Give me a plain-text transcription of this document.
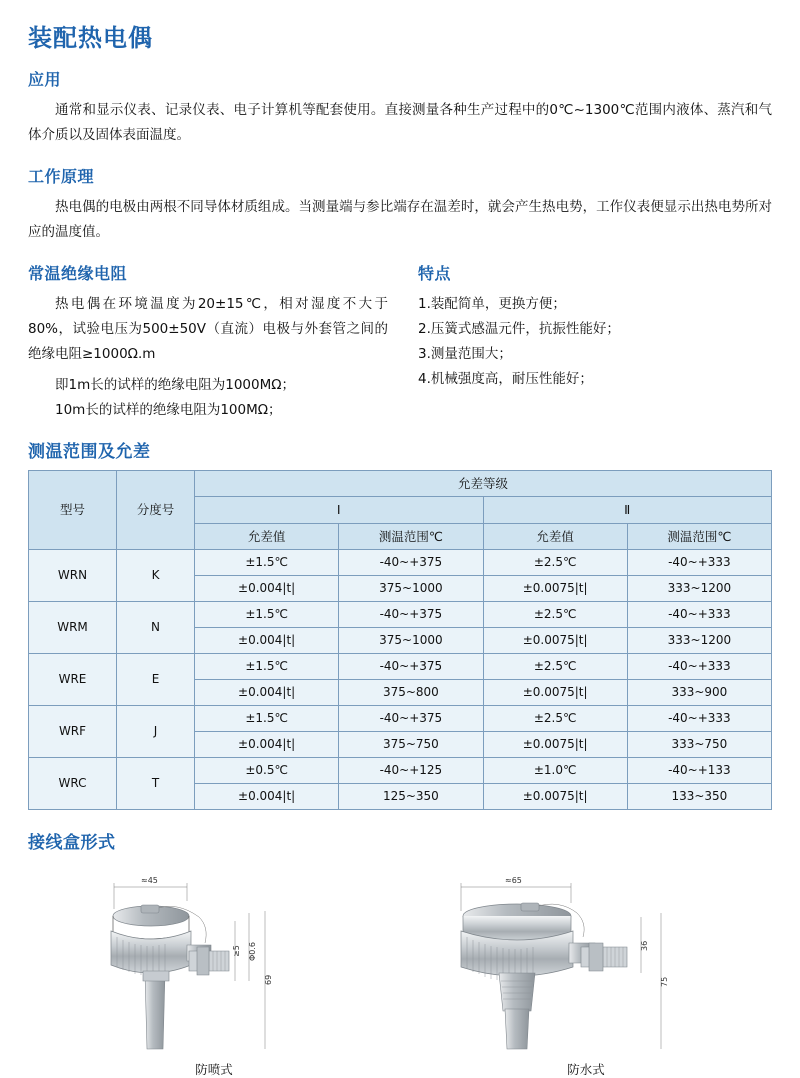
装配热电偶
应用

通常和显示仪表、记录仪表、电子计算机等配套使用。直接测量各种生产过程中的0℃~1300℃范围内液体、蒸汽和气体介质以及固体表面温度。

工作原理

热电偶的电极由两根不同导体材质组成。当测量端与参比端存在温差时，就会产生热电势，工作仪表便显示出热电势所对应的温度值。

常温绝缘电阻

热电偶在环境温度为20±15℃，相对湿度不大于80%，试验电压为500±50V（直流）电极与外套管之间的绝缘电阻≥1000Ω.m

即1m长的试样的绝缘电阻为1000MΩ；

10m长的试样的绝缘电阻为100MΩ；

特点

1.装配简单，更换方便；

2.压簧式感温元件，抗振性能好；

3.测量范围大；

4.机械强度高，耐压性能好；

测温范围及允差
型号	分度号	允差等级			
		Ⅰ		Ⅱ	
		允差值	测温范围℃	允差值	测温范围℃
WRN	K	±1.5℃	-40~+375	±2.5℃	-40~+333
		±0.004|t|	375~1000	±0.0075|t|	333~1200
WRM	N	±1.5℃	-40~+375	±2.5℃	-40~+333
		±0.004|t|	375~1000	±0.0075|t|	333~1200
WRE	E	±1.5℃	-40~+375	±2.5℃	-40~+333
		±0.004|t|	375~800	±0.0075|t|	333~900
WRF	J	±1.5℃	-40~+375	±2.5℃	-40~+333
		±0.004|t|	375~750	±0.0075|t|	333~750
WRC	T	±0.5℃	-40~+125	±1.0℃	-40~+133
		±0.004|t|	125~350	±0.0075|t|	133~350
接线盒形式
≈45
≥5 Φ0.6
69
防喷式
≈65
36
75
防水式
